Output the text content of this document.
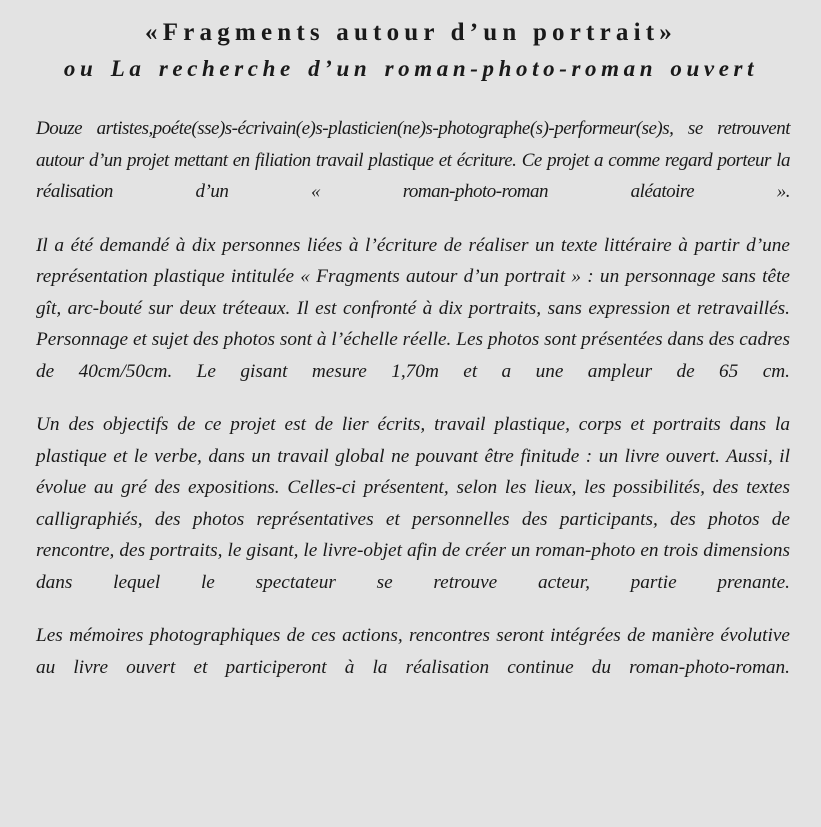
«Fragments autour d’un portrait»
ou La recherche d’un roman-photo-roman ouvert

Douze artistes,poéte(sse)s-écrivain(e)s-plasticien(ne)s-photographe(s)-performeur(se)s, se retrouvent autour d’un projet mettant en filiation travail plastique et écriture. Ce projet a comme regard porteur la réalisation d’un « roman-photo-roman aléatoire ».

Il a été demandé à dix personnes liées à l’écriture de réaliser un texte littéraire à partir d’une représentation plastique intitulée « Fragments autour d’un portrait » : un personnage sans tête gît, arc-bouté sur deux tréteaux. Il est confronté à dix portraits, sans expression et retravaillés. Personnage et sujet des photos sont à l’échelle réelle. Les photos sont présentées dans des cadres de 40cm/50cm. Le gisant mesure 1,70m et a une ampleur de 65 cm.

Un des objectifs de ce projet est de lier écrits, travail plastique, corps et portraits dans la plastique et le verbe, dans un travail global ne pouvant être finitude : un livre ouvert. Aussi, il évolue au gré des expositions. Celles-ci présentent, selon les lieux, les possibilités, des textes calligraphiés, des photos représentatives et personnelles des participants, des photos de rencontre, des portraits, le gisant, le livre-objet afin de créer un roman-photo en trois dimensions dans lequel le spectateur se retrouve acteur, partie prenante.

Les mémoires photographiques de ces actions, rencontres seront intégrées de manière évolutive au livre ouvert et participeront à la réalisation continue du roman-photo-roman.
